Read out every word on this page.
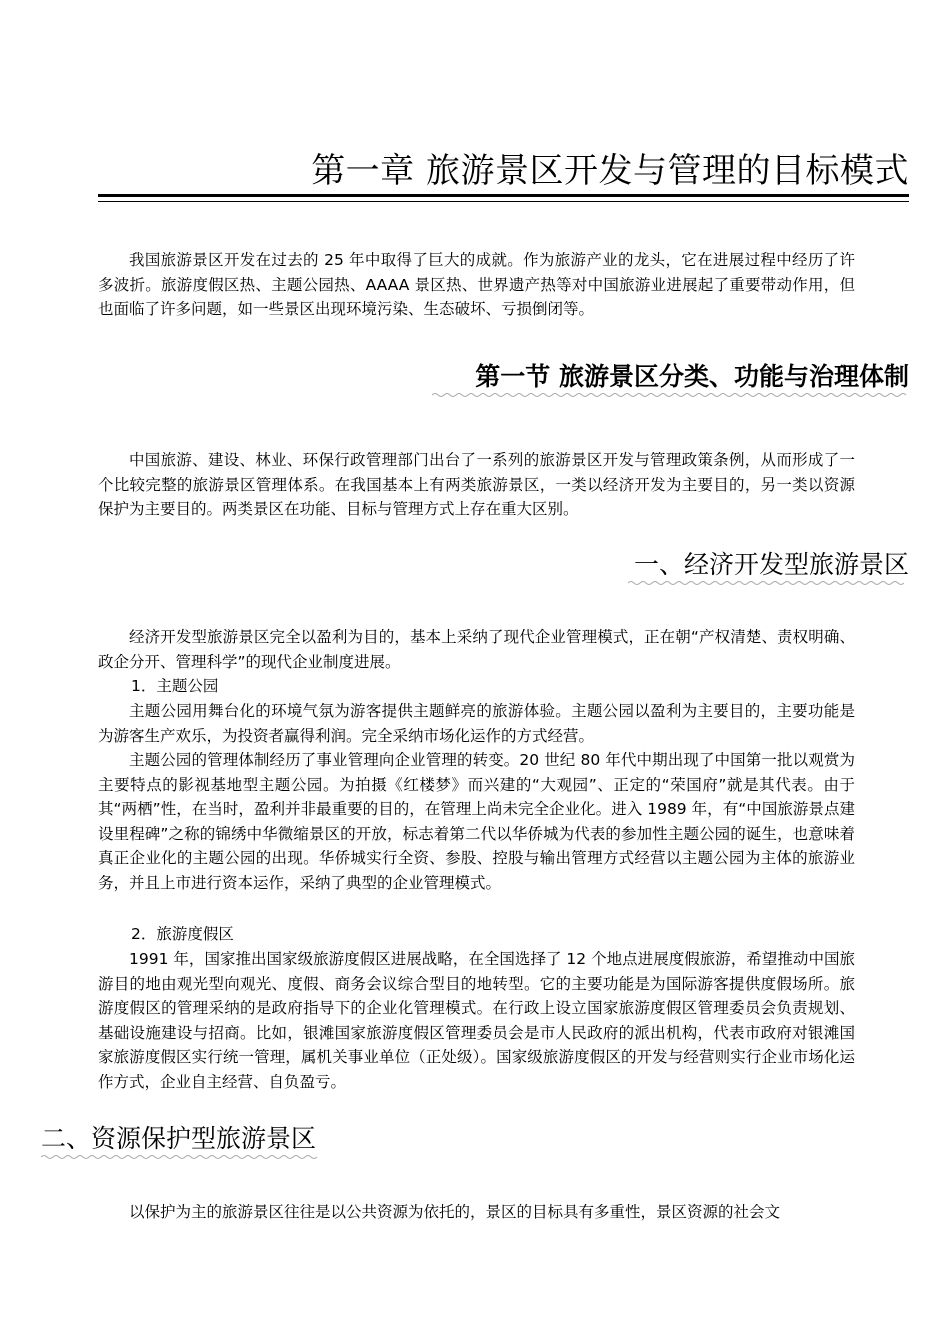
第一章 旅游景区开发与管理的目标模式

我国旅游景区开发在过去的 25 年中取得了巨大的成就。作为旅游产业的龙头，它在进展过程中经历了许多波折。旅游度假区热、主题公园热、AAAA 景区热、世界遗产热等对中国旅游业进展起了重要带动作用，但也面临了许多问题，如一些景区出现环境污染、生态破坏、亏损倒闭等。

第一节 旅游景区分类、功能与治理体制

中国旅游、建设、林业、环保行政管理部门出台了一系列的旅游景区开发与管理政策条例，从而形成了一个比较完整的旅游景区管理体系。在我国基本上有两类旅游景区，一类以经济开发为主要目的，另一类以资源保护为主要目的。两类景区在功能、目标与管理方式上存在重大区别。

一、经济开发型旅游景区

经济开发型旅游景区完全以盈利为目的，基本上采纳了现代企业管理模式，正在朝“产权清楚、责权明确、政企分开、管理科学”的现代企业制度进展。

1．主题公园

主题公园用舞台化的环境气氛为游客提供主题鲜亮的旅游体验。主题公园以盈利为主要目的，主要功能是为游客生产欢乐，为投资者赢得利润。完全采纳市场化运作的方式经营。

主题公园的管理体制经历了事业管理向企业管理的转变。20 世纪 80 年代中期出现了中国第一批以观赏为主要特点的影视基地型主题公园。为拍摄《红楼梦》而兴建的“大观园”、正定的“荣国府”就是其代表。由于其“两栖”性，在当时，盈利并非最重要的目的，在管理上尚未完全企业化。进入 1989 年，有“中国旅游景点建设里程碑”之称的锦绣中华微缩景区的开放，标志着第二代以华侨城为代表的参加性主题公园的诞生，也意味着真正企业化的主题公园的出现。华侨城实行全资、参股、控股与输出管理方式经营以主题公园为主体的旅游业务，并且上市进行资本运作，采纳了典型的企业管理模式。

2．旅游度假区

1991 年，国家推出国家级旅游度假区进展战略，在全国选择了 12 个地点进展度假旅游，希望推动中国旅游目的地由观光型向观光、度假、商务会议综合型目的地转型。它的主要功能是为国际游客提供度假场所。旅游度假区的管理采纳的是政府指导下的企业化管理模式。在行政上设立国家旅游度假区管理委员会负责规划、基础设施建设与招商。比如，银滩国家旅游度假区管理委员会是市人民政府的派出机构，代表市政府对银滩国家旅游度假区实行统一管理，属机关事业单位（正处级）。国家级旅游度假区的开发与经营则实行企业市场化运作方式，企业自主经营、自负盈亏。

二、资源保护型旅游景区

以保护为主的旅游景区往往是以公共资源为依托的，景区的目标具有多重性，景区资源的社会文
